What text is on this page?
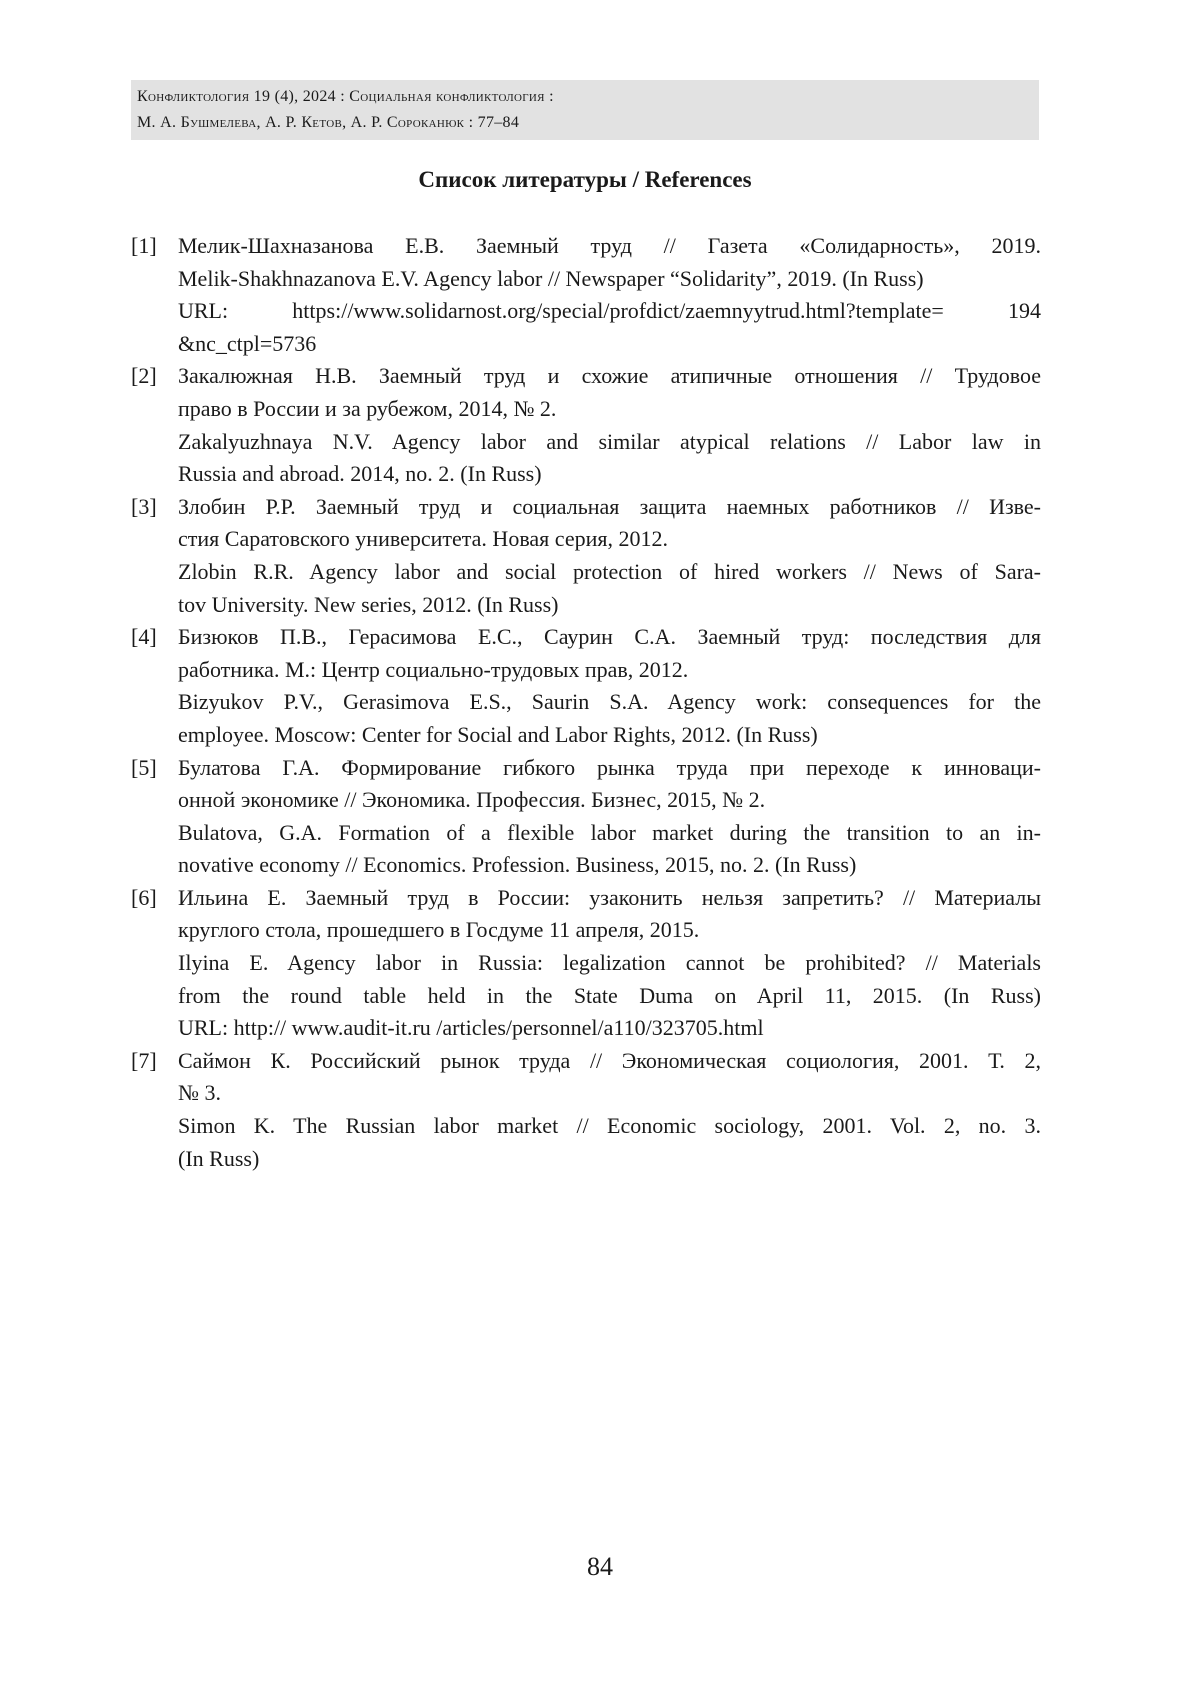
Конфликтология 19 (4), 2024 : Социальная конфликтология :
М. А. Бушмелева, А. Р. Кетов, А. Р. Сороканюк : 77–84
Список литературы / References
[1] Мелик-Шахназанова Е.В. Заемный труд // Газета «Солидарность», 2019.
Melik-Shakhnazanova E.V. Agency labor // Newspaper “Solidarity”, 2019. (In Russ)
URL: https://www.solidarnost.org/special/profdict/zaemnyytrud.html?template= 194
&nc_ctpl=5736
[2] Закалюжная Н.В. Заемный труд и схожие атипичные отношения // Трудовое
право в России и за рубежом, 2014, № 2.
Zakalyuzhnaya N.V. Agency labor and similar atypical relations // Labor law in
Russia and abroad. 2014, no. 2. (In Russ)
[3] Злобин Р.Р. Заемный труд и социальная защита наемных работников // Изве-
стия Саратовского университета. Новая серия, 2012.
Zlobin R.R. Agency labor and social protection of hired workers // News of Sara-
tov University. New series, 2012. (In Russ)
[4] Бизюков П.В., Герасимова Е.С., Саурин С.А. Заемный труд: последствия для
работника. М.: Центр социально-трудовых прав, 2012.
Bizyukov P.V., Gerasimova E.S., Saurin S.A. Agency work: consequences for the
employee. Moscow: Center for Social and Labor Rights, 2012. (In Russ)
[5] Булатова Г.А. Формирование гибкого рынка труда при переходе к инноваци-
онной экономике // Экономика. Профессия. Бизнес, 2015, № 2.
Bulatova, G.A. Formation of a flexible labor market during the transition to an in-
novative economy // Economics. Profession. Business, 2015, no. 2. (In Russ)
[6] Ильина Е. Заемный труд в России: узаконить нельзя запретить? // Материалы
круглого стола, прошедшего в Госдуме 11 апреля, 2015.
Ilyina E. Agency labor in Russia: legalization cannot be prohibited? // Materials
from the round table held in the State Duma on April 11, 2015. (In Russ)
URL: http:// www.audit-it.ru /articles/personnel/a110/323705.html
[7] Саймон К. Российский рынок труда // Экономическая социология, 2001. Т. 2,
№ 3.
Simon K. The Russian labor market // Economic sociology, 2001. Vol. 2, no. 3.
(In Russ)
84
